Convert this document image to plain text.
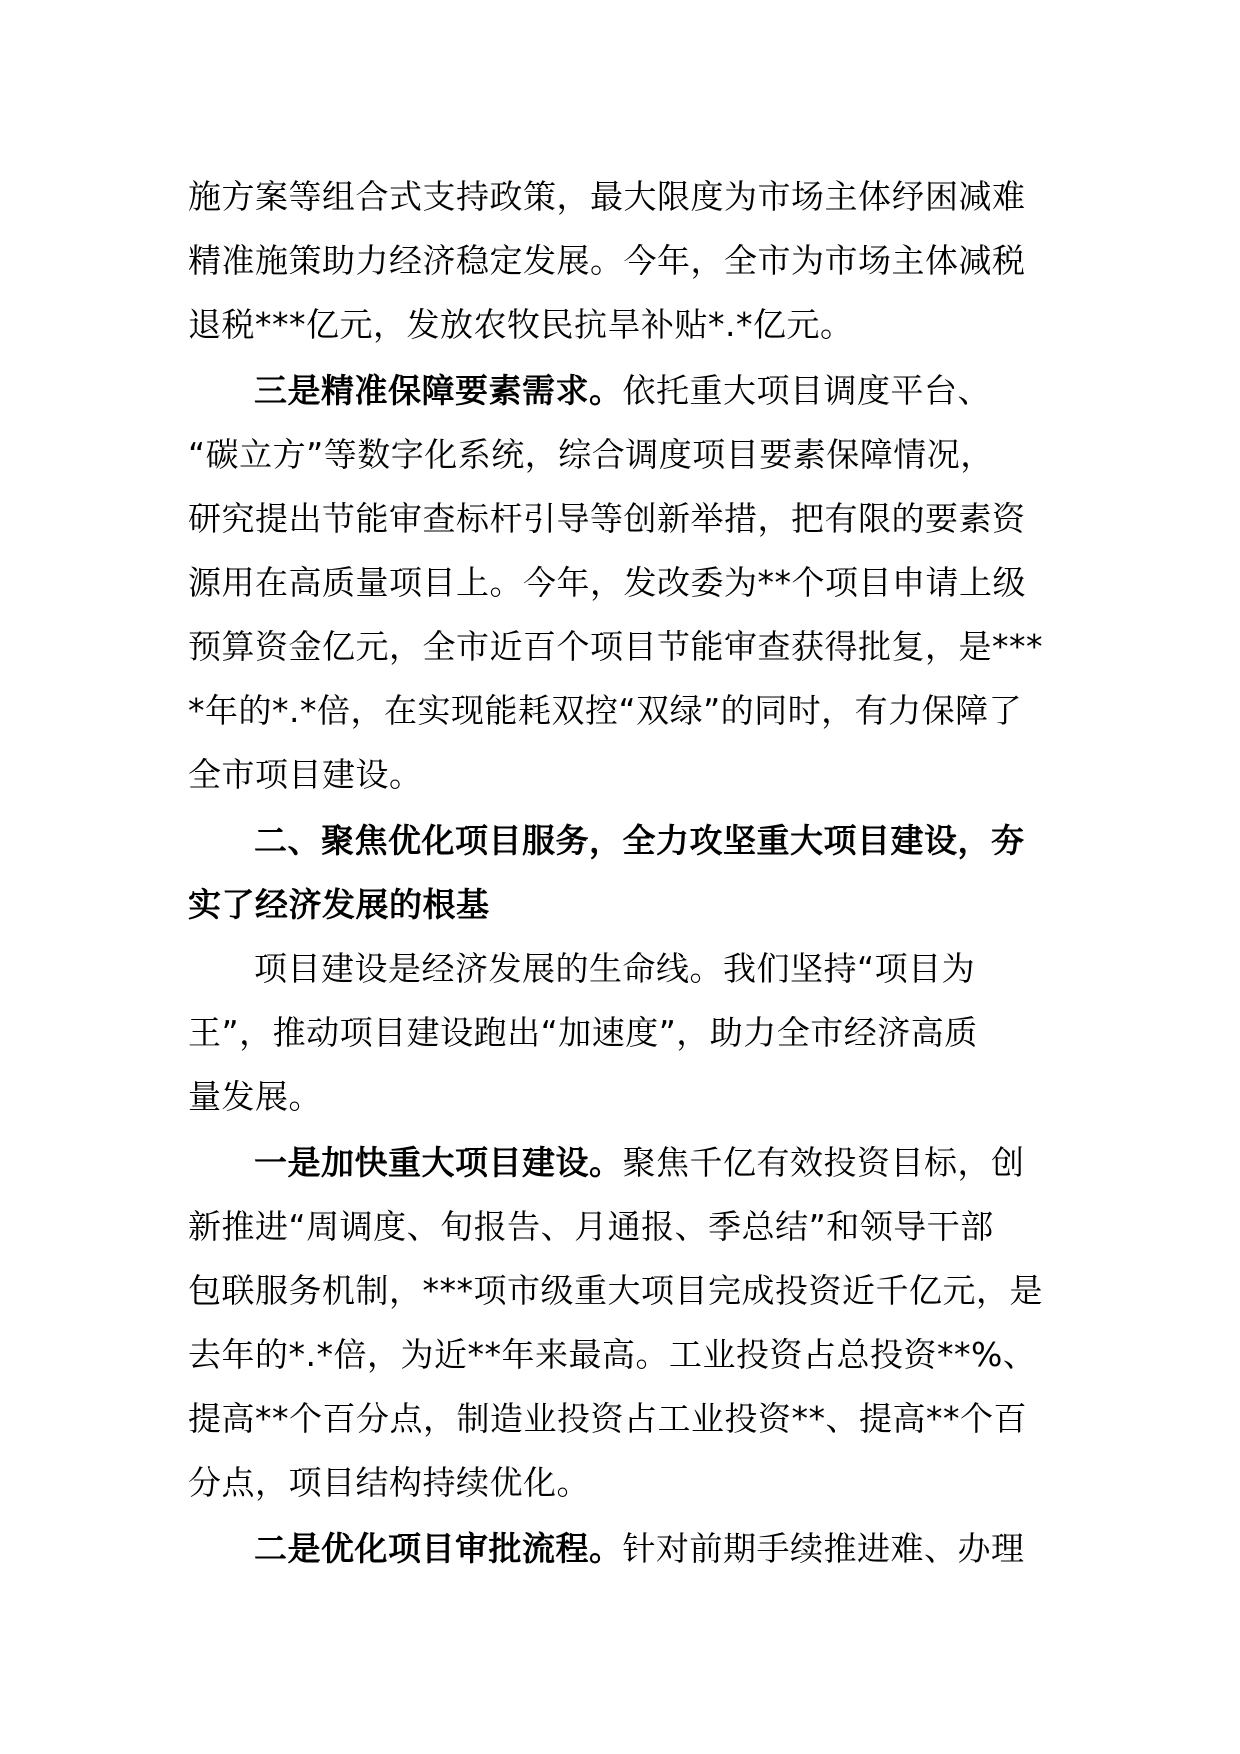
施方案等组合式支持政策，最大限度为市场主体纾困减难
精准施策助力经济稳定发展。今年，全市为市场主体减税
退税***亿元，发放农牧民抗旱补贴*.*亿元。
三是精准保障要素需求。依托重大项目调度平台、
“碳立方”等数字化系统，综合调度项目要素保障情况，
研究提出节能审查标杆引导等创新举措，把有限的要素资
源用在高质量项目上。今年，发改委为**个项目申请上级
预算资金亿元，全市近百个项目节能审查获得批复，是***
*年的*.*倍，在实现能耗双控“双绿”的同时，有力保障了
全市项目建设。
二、聚焦优化项目服务，全力攻坚重大项目建设，夯
实了经济发展的根基
项目建设是经济发展的生命线。我们坚持“项目为
王”，推动项目建设跑出“加速度”，助力全市经济高质
量发展。
一是加快重大项目建设。聚焦千亿有效投资目标，创
新推进“周调度、旬报告、月通报、季总结”和领导干部
包联服务机制，***项市级重大项目完成投资近千亿元，是
去年的*.*倍，为近**年来最高。工业投资占总投资**%、
提高**个百分点，制造业投资占工业投资**、提高**个百
分点，项目结构持续优化。
二是优化项目审批流程。针对前期手续推进难、办理
